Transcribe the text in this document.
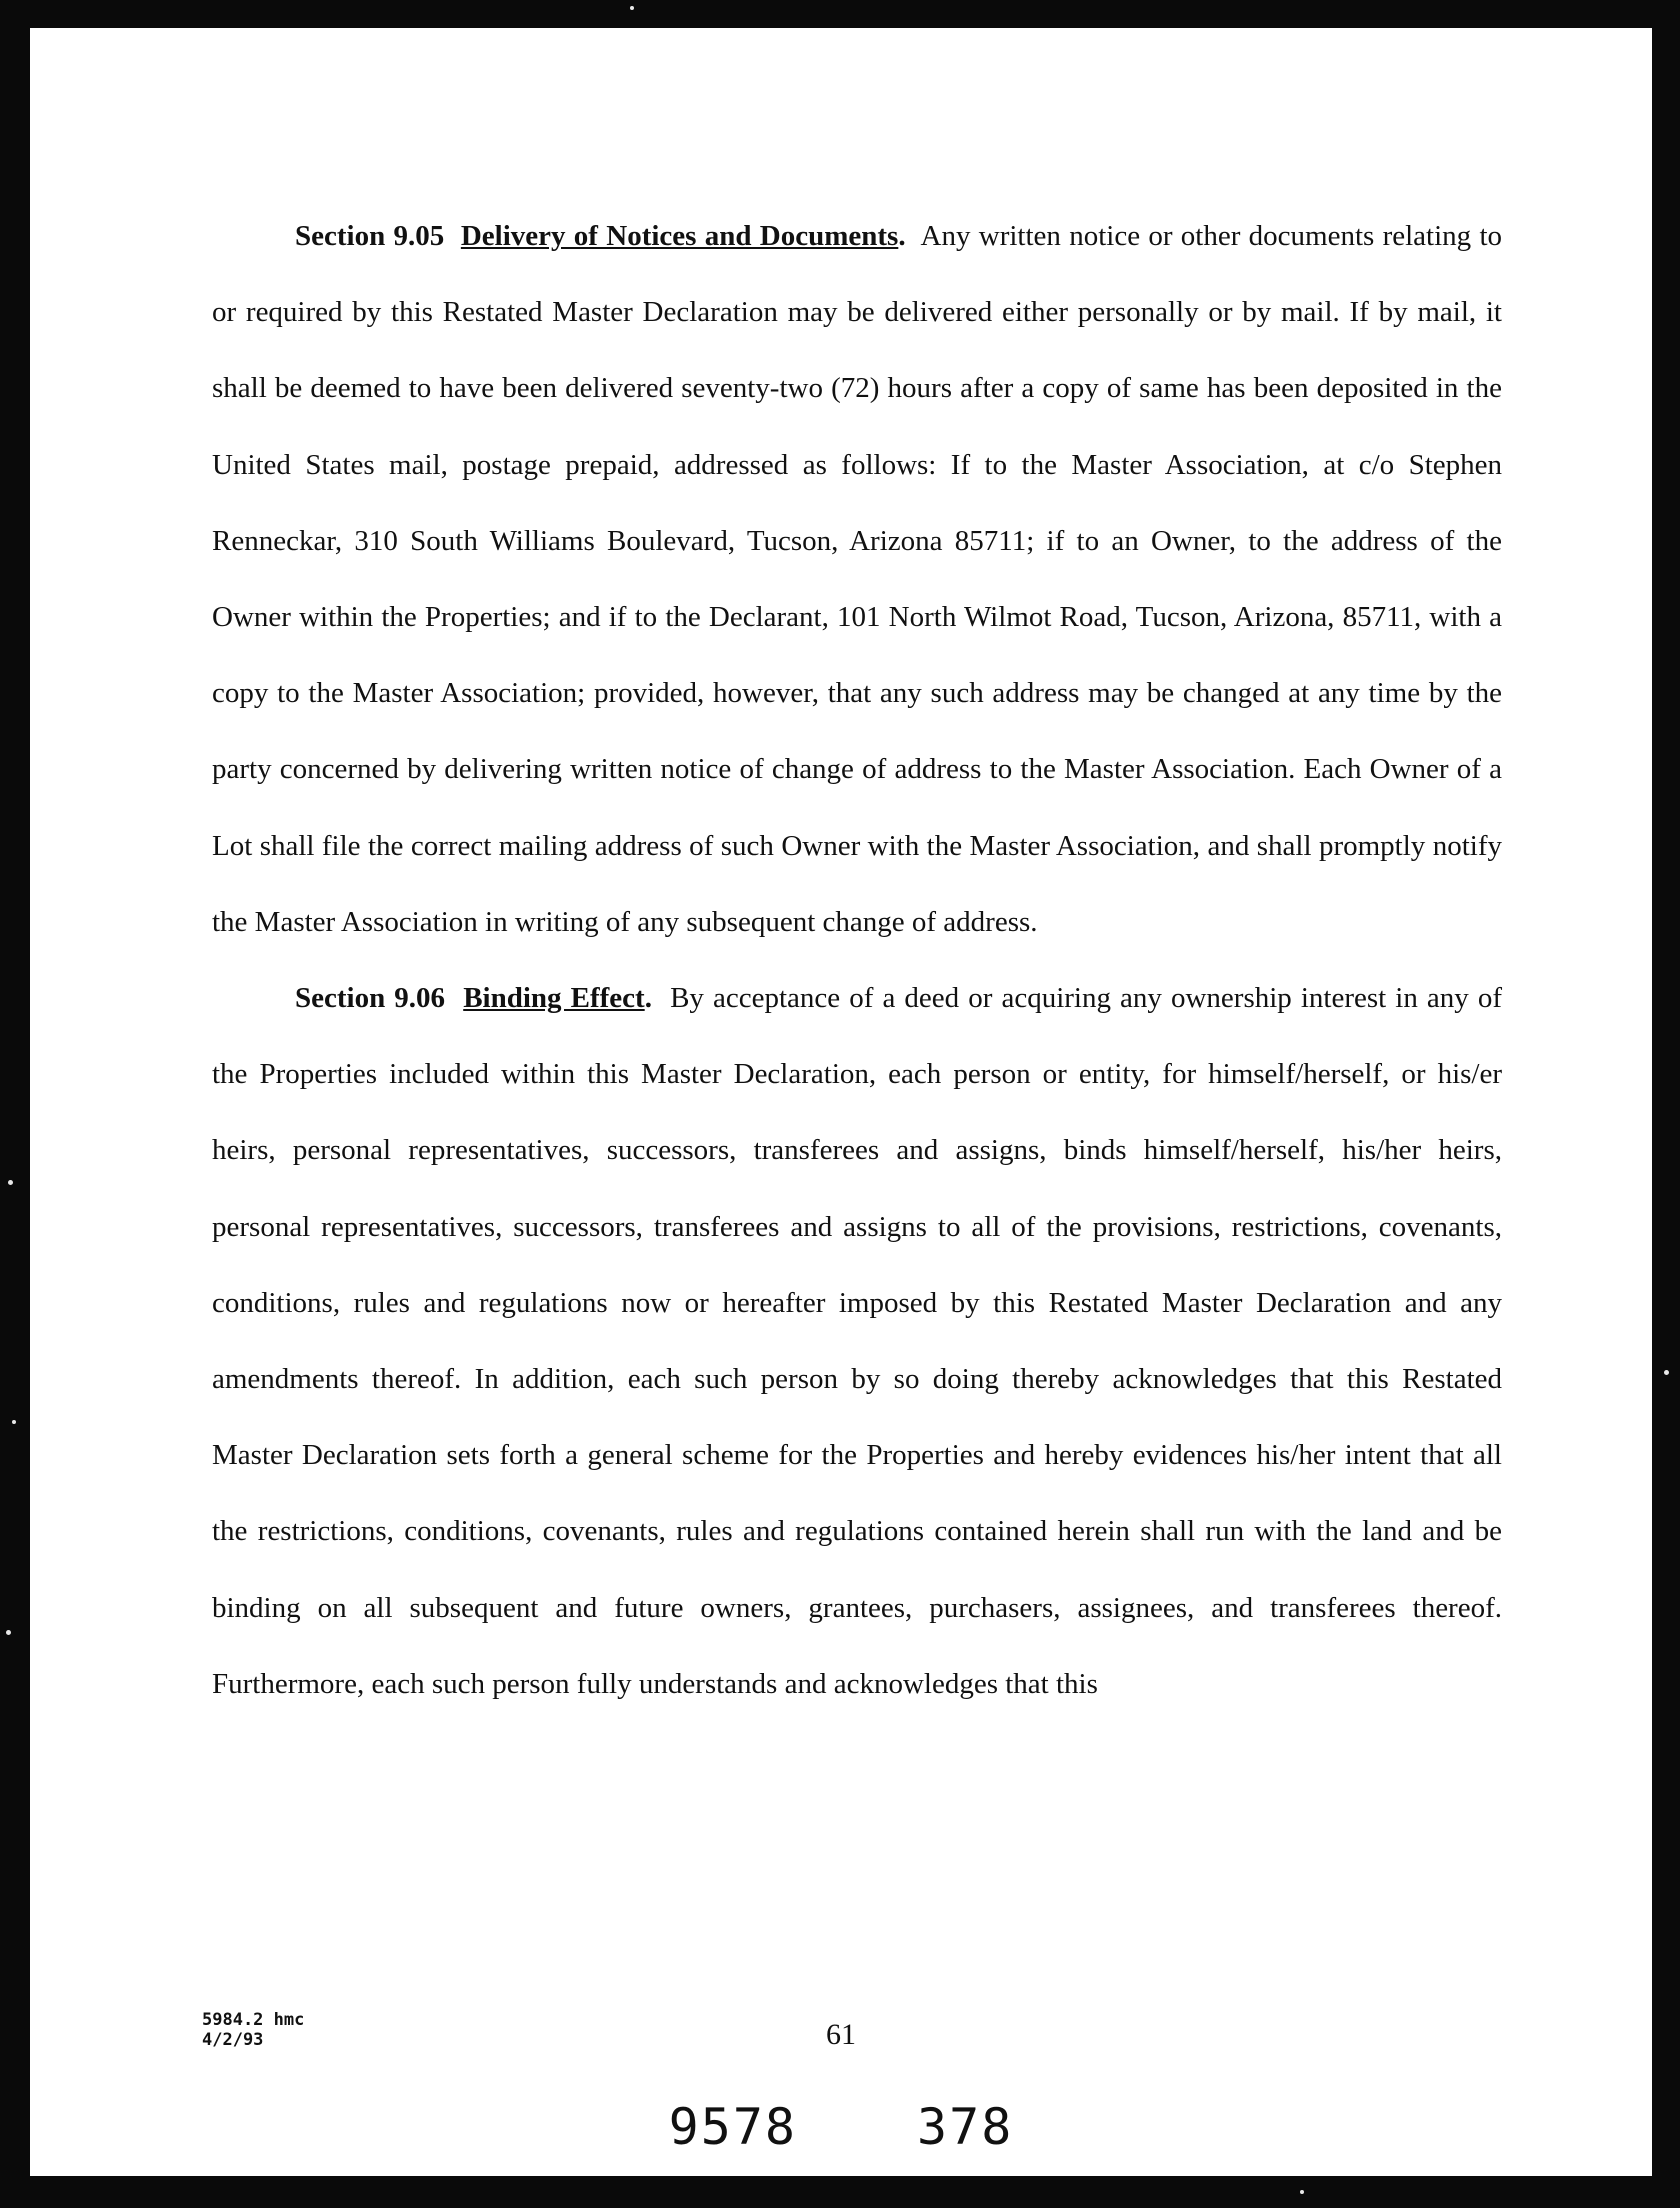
Section 9.05 Delivery of Notices and Documents. Any written notice or other documents relating to or required by this Restated Master Declaration may be delivered either personally or by mail. If by mail, it shall be deemed to have been delivered seventy-two (72) hours after a copy of same has been deposited in the United States mail, postage prepaid, addressed as follows: If to the Master Association, at c/o Stephen Renneckar, 310 South Williams Boulevard, Tucson, Arizona 85711; if to an Owner, to the address of the Owner within the Properties; and if to the Declarant, 101 North Wilmot Road, Tucson, Arizona, 85711, with a copy to the Master Association; provided, however, that any such address may be changed at any time by the party concerned by delivering written notice of change of address to the Master Association. Each Owner of a Lot shall file the correct mailing address of such Owner with the Master Association, and shall promptly notify the Master Association in writing of any subsequent change of address.

Section 9.06 Binding Effect. By acceptance of a deed or acquiring any ownership interest in any of the Properties included within this Master Declaration, each person or entity, for himself/herself, or his/er heirs, personal representatives, successors, transferees and assigns, binds himself/herself, his/her heirs, personal representatives, successors, transferees and assigns to all of the provisions, restrictions, covenants, conditions, rules and regulations now or hereafter imposed by this Restated Master Declaration and any amendments thereof. In addition, each such person by so doing thereby acknowledges that this Restated Master Declaration sets forth a general scheme for the Properties and hereby evidences his/her intent that all the restrictions, conditions, covenants, rules and regulations contained herein shall run with the land and be binding on all subsequent and future owners, grantees, purchasers, assignees, and transferees thereof. Furthermore, each such person fully understands and acknowledges that this

5984.2 hmc
4/2/93	61
9578 378
